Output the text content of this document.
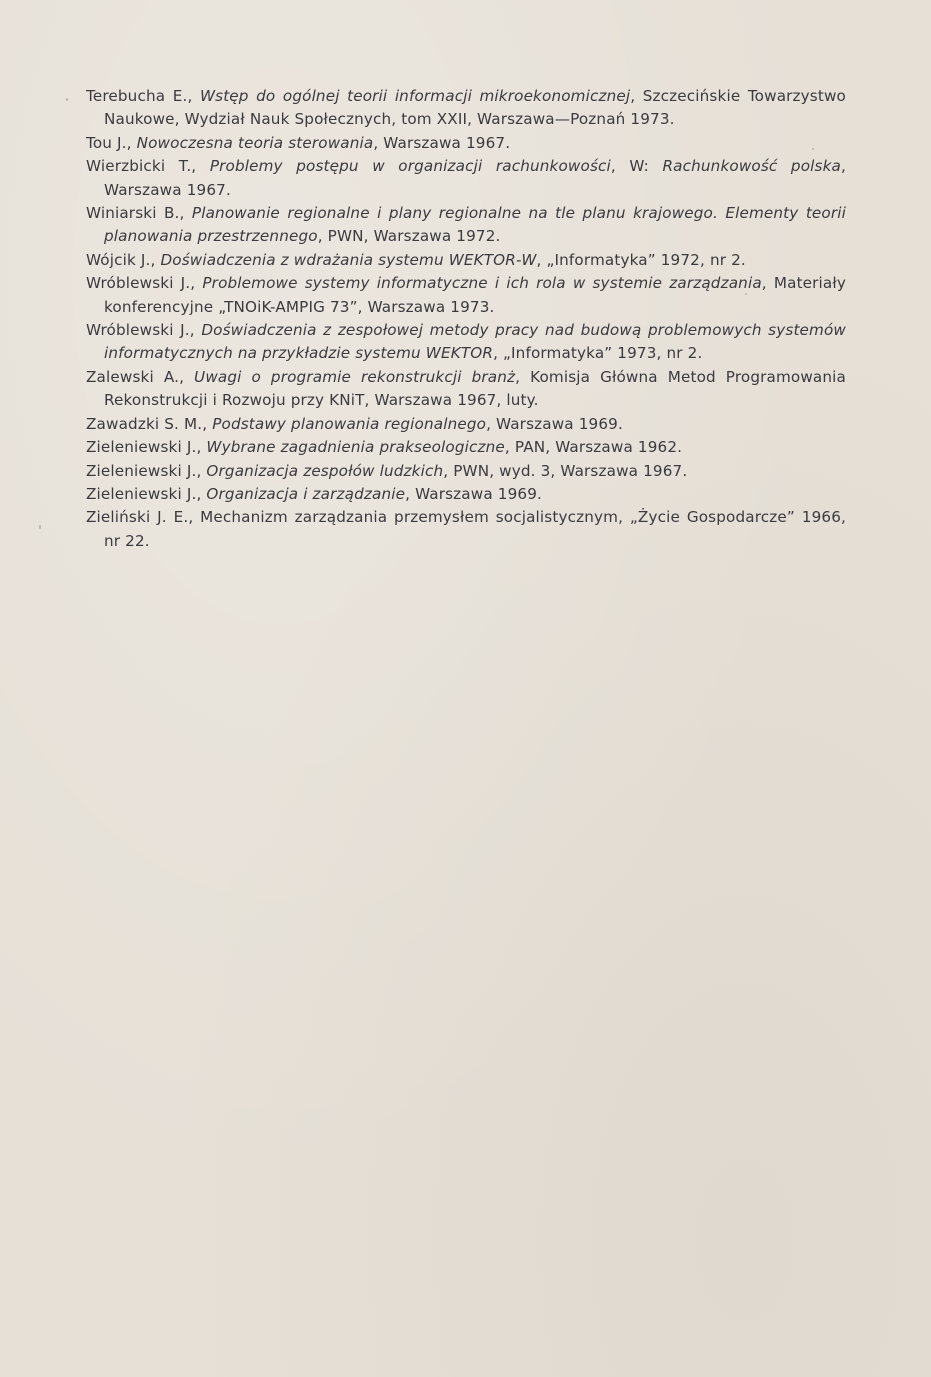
Terebucha E., Wstęp do ogólnej teorii informacji mikroekonomicznej, Szczecińskie Towarzystwo Naukowe, Wydział Nauk Społecznych, tom XXII, Warszawa—Poznań 1973.
Tou J., Nowoczesna teoria sterowania, Warszawa 1967.
Wierzbicki T., Problemy postępu w organizacji rachunkowości, W: Rachunkowość polska, Warszawa 1967.
Winiarski B., Planowanie regionalne i plany regionalne na tle planu krajowego. Elementy teorii planowania przestrzennego, PWN, Warszawa 1972.
Wójcik J., Doświadczenia z wdrażania systemu WEKTOR-W, „Informatyka” 1972, nr 2.
Wróblewski J., Problemowe systemy informatyczne i ich rola w systemie zarządzania, Materiały konferencyjne „TNOiK-AMPIG 73”, Warszawa 1973.
Wróblewski J., Doświadczenia z zespołowej metody pracy nad budową problemowych systemów informatycznych na przykładzie systemu WEKTOR, „Informatyka” 1973, nr 2.
Zalewski A., Uwagi o programie rekonstrukcji branż, Komisja Główna Metod Programowania Rekonstrukcji i Rozwoju przy KNiT, Warszawa 1967, luty.
Zawadzki S. M., Podstawy planowania regionalnego, Warszawa 1969.
Zieleniewski J., Wybrane zagadnienia prakseologiczne, PAN, Warszawa 1962.
Zieleniewski J., Organizacja zespołów ludzkich, PWN, wyd. 3, Warszawa 1967.
Zieleniewski J., Organizacja i zarządzanie, Warszawa 1969.
Zieliński J. E., Mechanizm zarządzania przemysłem socjalistycznym, „Życie Gospodarcze” 1966, nr 22.
